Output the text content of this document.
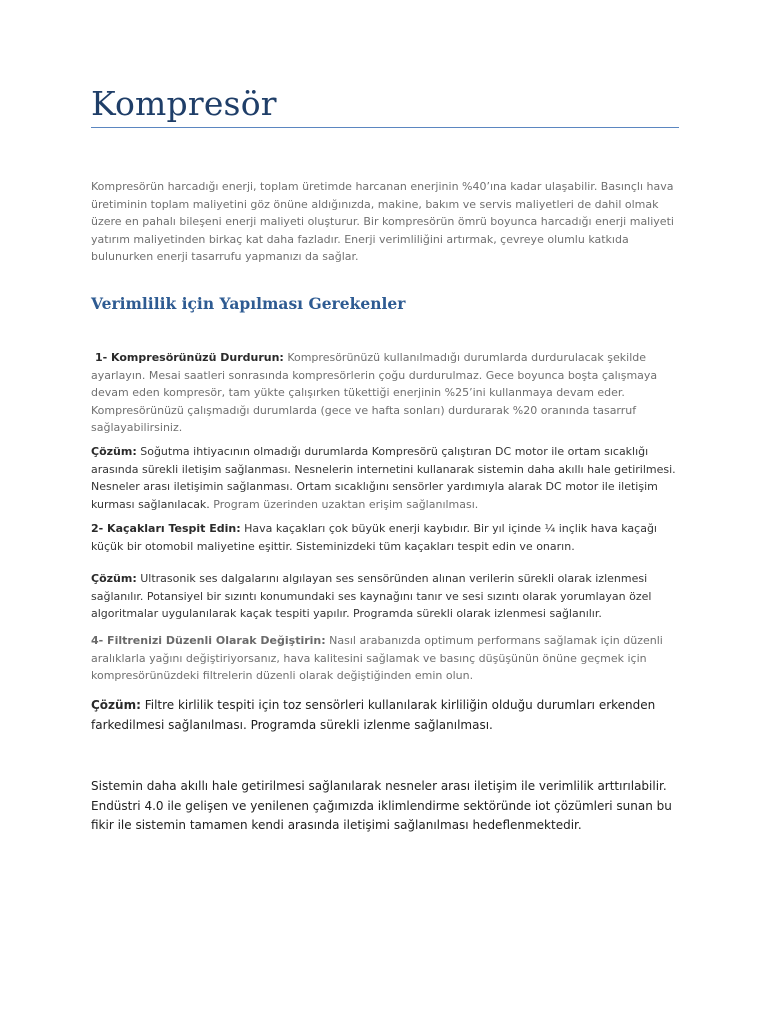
Kompresör

Kompresörün harcadığı enerji, toplam üretimde harcanan enerjinin %40’ına kadar ulaşabilir. Basınçlı hava üretiminin toplam maliyetini göz önüne aldığınızda, makine, bakım ve servis maliyetleri de dahil olmak üzere en pahalı bileşeni enerji maliyeti oluşturur. Bir kompresörün ömrü boyunca harcadığı enerji maliyeti yatırım maliyetinden birkaç kat daha fazladır. Enerji verimliliğini artırmak, çevreye olumlu katkıda bulunurken enerji tasarrufu yapmanızı da sağlar.

Verimlilik için Yapılması Gerekenler

1- Kompresörünüzü Durdurun: Kompresörünüzü kullanılmadığı durumlarda durdurulacak şekilde ayarlayın. Mesai saatleri sonrasında kompresörlerin çoğu durdurulmaz. Gece boyunca boşta çalışmaya devam eden kompresör, tam yükte çalışırken tükettiği enerjinin %25’ini kullanmaya devam eder. Kompresörünüzü çalışmadığı durumlarda (gece ve hafta sonları) durdurarak %20 oranında tasarruf sağlayabilirsiniz.

Çözüm: Soğutma ihtiyacının olmadığı durumlarda Kompresörü çalıştıran DC motor ile ortam sıcaklığı arasında sürekli iletişim sağlanması. Nesnelerin internetini kullanarak sistemin daha akıllı hale getirilmesi. Nesneler arası iletişimin sağlanması. Ortam sıcaklığını sensörler yardımıyla alarak DC motor ile iletişim kurması sağlanılacak. Program üzerinden uzaktan erişim sağlanılması.

2- Kaçakları Tespit Edin: Hava kaçakları çok büyük enerji kaybıdır. Bir yıl içinde ¼ inçlik hava kaçağı küçük bir otomobil maliyetine eşittir. Sisteminizdeki tüm kaçakları tespit edin ve onarın.

Çözüm: Ultrasonik ses dalgalarını algılayan ses sensöründen alınan verilerin sürekli olarak izlenmesi sağlanılır. Potansiyel bir sızıntı konumundaki ses kaynağını tanır ve sesi sızıntı olarak yorumlayan özel algoritmalar uygulanılarak kaçak tespiti yapılır. Programda sürekli olarak izlenmesi sağlanılır.

4- Filtrenizi Düzenli Olarak Değiştirin: Nasıl arabanızda optimum performans sağlamak için düzenli aralıklarla yağını değiştiriyorsanız, hava kalitesini sağlamak ve basınç düşüşünün önüne geçmek için kompresörünüzdeki filtrelerin düzenli olarak değiştiğinden emin olun.

Çözüm: Filtre kirlilik tespiti için toz sensörleri kullanılarak kirliliğin olduğu durumları erkenden farkedilmesi sağlanılması. Programda sürekli izlenme sağlanılması.

Sistemin daha akıllı hale getirilmesi sağlanılarak nesneler arası iletişim ile verimlilik arttırılabilir. Endüstri 4.0 ile gelişen ve yenilenen çağımızda iklimlendirme sektöründe iot çözümleri sunan bu fikir ile sistemin tamamen kendi arasında iletişimi sağlanılması hedeflenmektedir.
